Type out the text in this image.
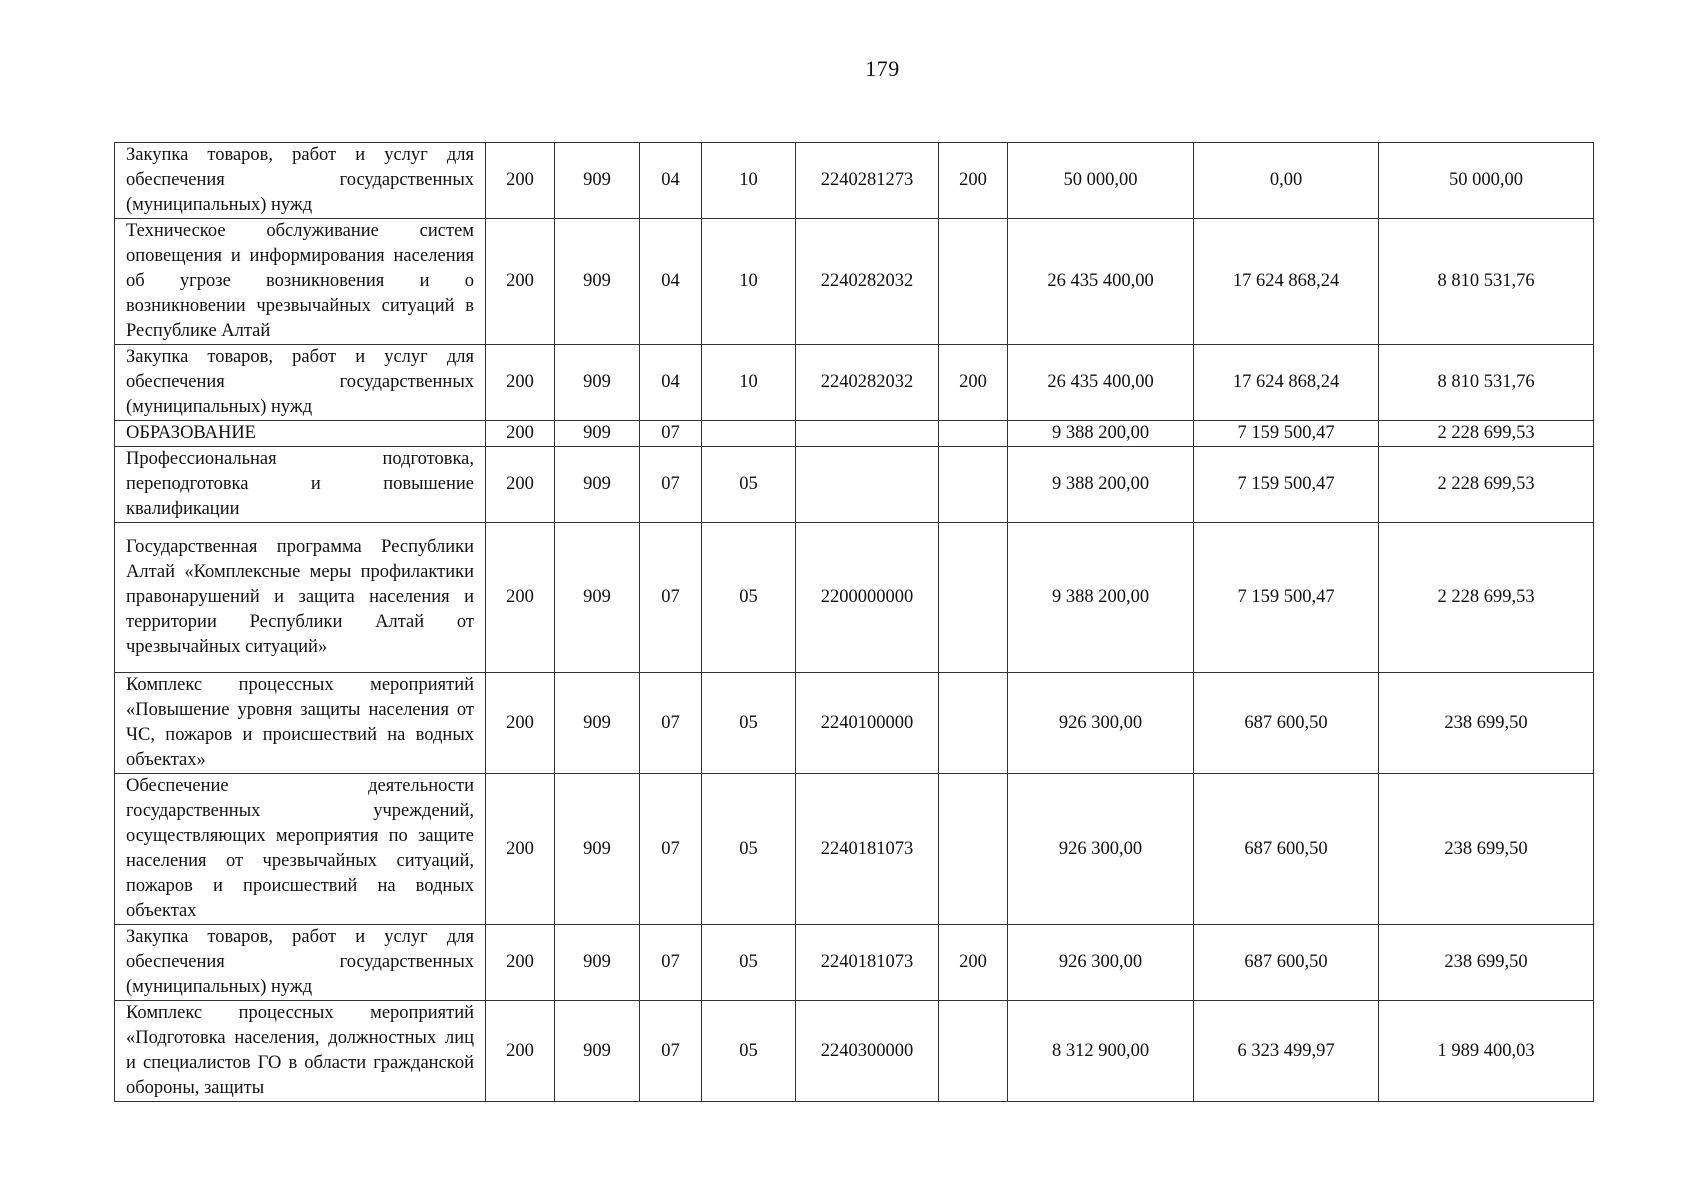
179
Закупка товаров, работ и услуг для обеспечения государственных (муниципальных) нужд	200	909	04	10	2240281273	200	50 000,00	0,00	50 000,00
Техническое обслуживание систем оповещения и информирования населения об угрозе возникновения и о возникновении чрезвычайных ситуаций в Республике Алтай	200	909	04	10	2240282032		26 435 400,00	17 624 868,24	8 810 531,76
Закупка товаров, работ и услуг для обеспечения государственных (муниципальных) нужд	200	909	04	10	2240282032	200	26 435 400,00	17 624 868,24	8 810 531,76
ОБРАЗОВАНИЕ	200	909	07				9 388 200,00	7 159 500,47	2 228 699,53
Профессиональная подготовка, переподготовка и повышение квалификации	200	909	07	05			9 388 200,00	7 159 500,47	2 228 699,53
Государственная программа Республики Алтай «Комплексные меры профилактики правонарушений и защита населения и территории Республики Алтай от чрезвычайных ситуаций»	200	909	07	05	2200000000		9 388 200,00	7 159 500,47	2 228 699,53
Комплекс процессных мероприятий «Повышение уровня защиты населения от ЧС, пожаров и происшествий на водных объектах»	200	909	07	05	2240100000		926 300,00	687 600,50	238 699,50
Обеспечение деятельности государственных учреждений, осуществляющих мероприятия по защите населения от чрезвычайных ситуаций, пожаров и происшествий на водных объектах	200	909	07	05	2240181073		926 300,00	687 600,50	238 699,50
Закупка товаров, работ и услуг для обеспечения государственных (муниципальных) нужд	200	909	07	05	2240181073	200	926 300,00	687 600,50	238 699,50
Комплекс процессных мероприятий «Подготовка населения, должностных лиц и специалистов ГО в области гражданской обороны, защиты	200	909	07	05	2240300000		8 312 900,00	6 323 499,97	1 989 400,03
